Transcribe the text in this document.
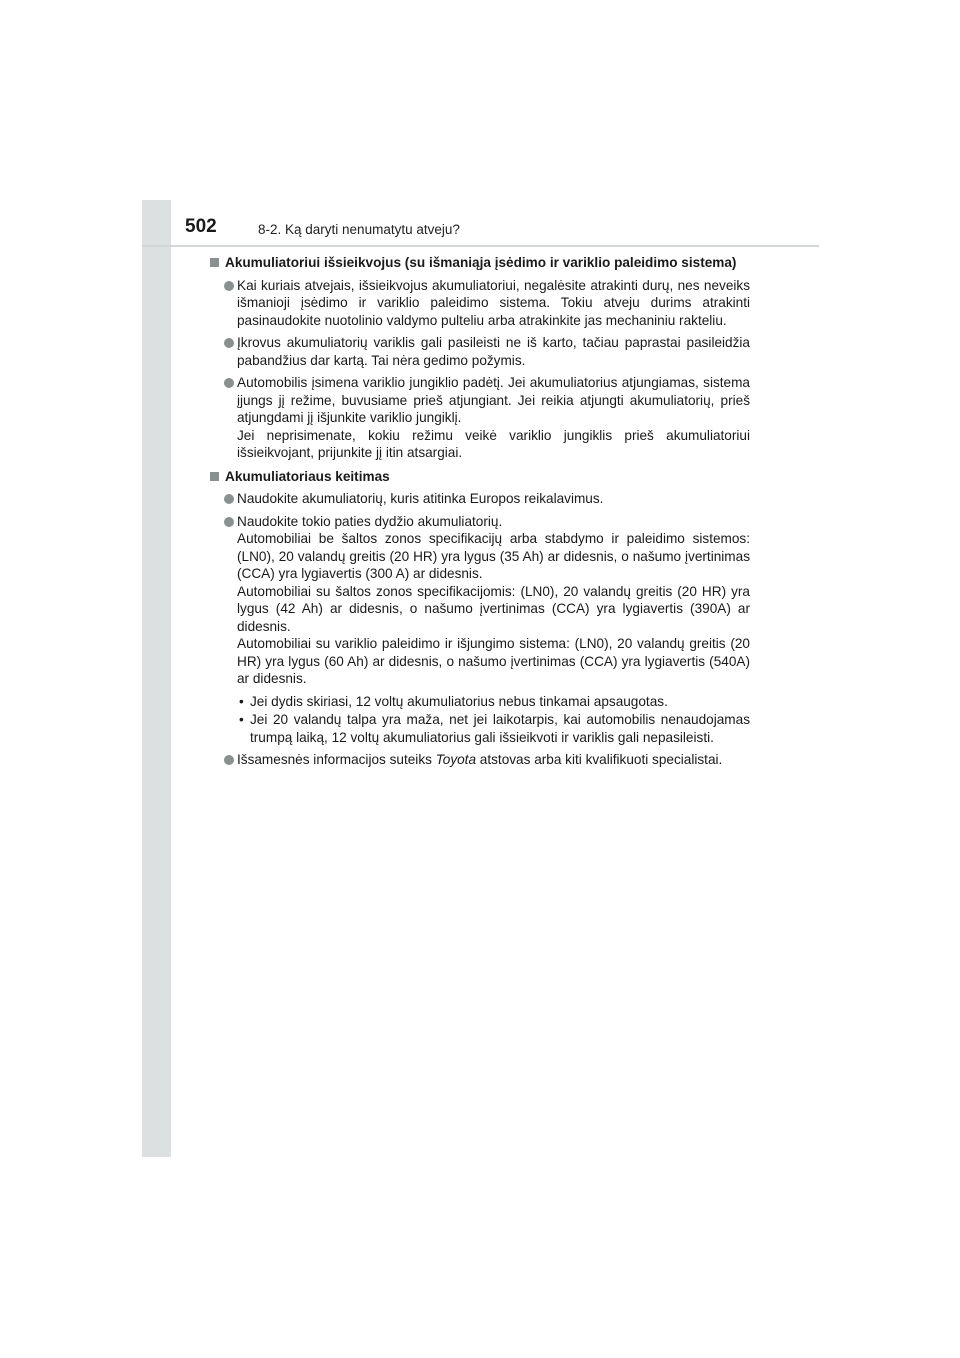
502	8-2. Ką daryti nenumatytu atveju?
Akumuliatoriui išsieikvojus (su išmaniąja įsėdimo ir variklio paleidimo sistema)

Kai kuriais atvejais, išsieikvojus akumuliatoriui, negalėsite atrakinti durų, nes neveiks išmanioji įsėdimo ir variklio paleidimo sistema. Tokiu atveju durims atrakinti pasinaudokite nuotolinio valdymo pulteliu arba atrakinkite jas mechaniniu rakteliu.

Įkrovus akumuliatorių variklis gali pasileisti ne iš karto, tačiau paprastai pasileidžia pabandžius dar kartą. Tai nėra gedimo požymis.

Automobilis įsimena variklio jungiklio padėtį. Jei akumuliatorius atjungiamas, sistema įjungs jį režime, buvusiame prieš atjungiant. Jei reikia atjungti akumuliatorių, prieš atjungdami jį išjunkite variklio jungiklį.

Jei neprisimenate, kokiu režimu veikė variklio jungiklis prieš akumuliatoriui išsieikvojant, prijunkite jį itin atsargiai.

Akumuliatoriaus keitimas

Naudokite akumuliatorių, kuris atitinka Europos reikalavimus.

Naudokite tokio paties dydžio akumuliatorių.

Automobiliai be šaltos zonos specifikacijų arba stabdymo ir paleidimo sistemos: (LN0), 20 valandų greitis (20 HR) yra lygus (35 Ah) ar didesnis, o našumo įvertinimas (CCA) yra lygiavertis (300 A) ar didesnis.

Automobiliai su šaltos zonos specifikacijomis: (LN0), 20 valandų greitis (20 HR) yra lygus (42 Ah) ar didesnis, o našumo įvertinimas (CCA) yra lygiavertis (390A) ar didesnis.

Automobiliai su variklio paleidimo ir išjungimo sistema: (LN0), 20 valandų greitis (20 HR) yra lygus (60 Ah) ar didesnis, o našumo įvertinimas (CCA) yra lygiavertis (540A) ar didesnis.

• Jei dydis skiriasi, 12 voltų akumuliatorius nebus tinkamai apsaugotas.
• Jei 20 valandų talpa yra maža, net jei laikotarpis, kai automobilis nenaudojamas trumpą laiką, 12 voltų akumuliatorius gali išsieikvoti ir variklis gali nepasileisti.

Išsamesnės informacijos suteiks Toyota atstovas arba kiti kvalifikuoti specialistai.
